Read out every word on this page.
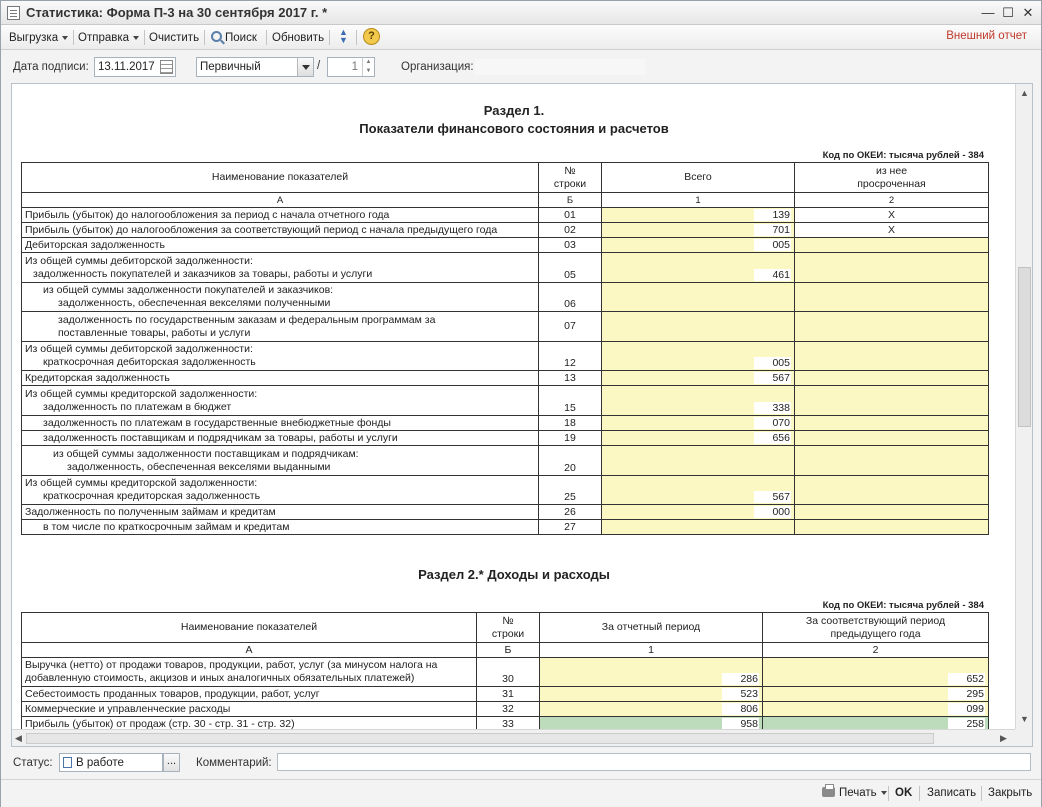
Статистика: Форма П-3 на 30 сентября 2017 г. *	— ☐ ✕
Выгрузка	Отправка	Очистить	Поиск Обновить	▲
▼	?	Внешний отчет
Дата подписи: 13.11.2017	Первичный	/	1	▲
▼	Организация:
Раздел 1.
Показатели финансового состояния и расчетов
Код по ОКЕИ: тысяча рублей - 384
Наименование показателей	№
строки	Всего	из нее
просроченная
А	Б	1	2
Прибыль (убыток) до налогообложения за период с начала отчетного года	01	139	X
Прибыль (убыток) до налогообложения за соответствующий период с начала предыдущего года	02	701	X
Дебиторская задолженность	03	005	
Из общей суммы дебиторской задолженности:
задолженность покупателей и заказчиков за товары, работы и услуги	05	461	
из общей суммы задолженности покупателей и заказчиков:
задолженность, обеспеченная векселями полученными	06		
задолженность по государственным заказам и федеральным программам за
поставленные товары, работы и услуги	07		
Из общей суммы дебиторской задолженности:
краткосрочная дебиторская задолженность	12	005	
Кредиторская задолженность	13	567	
Из общей суммы кредиторской задолженности:
задолженность по платежам в бюджет	15	338	
задолженность по платежам в государственные внебюджетные фонды	18	070	
задолженность поставщикам и подрядчикам за товары, работы и услуги	19	656	
из общей суммы задолженности поставщикам и подрядчикам:
задолженность, обеспеченная векселями выданными	20		
Из общей суммы кредиторской задолженности:
краткосрочная кредиторская задолженность	25	567	
Задолженность по полученным займам и кредитам	26	000	
в том числе по краткосрочным займам и кредитам	27		
Раздел 2.* Доходы и расходы
Код по ОКЕИ: тысяча рублей - 384
Наименование показателей	№
строки	За отчетный период	За соответствующий период
предыдущего года
А	Б	1	2
Выручка (нетто) от продажи товаров, продукции, работ, услуг (за минусом налога на
добавленную стоимость, акцизов и иных аналогичных обязательных платежей)	30	286	652
Себестоимость проданных товаров, продукции, работ, услуг	31	523	295
Коммерческие и управленческие расходы	32	806	099
Прибыль (убыток) от продаж (стр. 30 - стр. 31 - стр. 32)	33	958	258
▲
▼
◀	▶
Статус:	В работе	...	Комментарий:
Печать	OK Записать Закрыть
